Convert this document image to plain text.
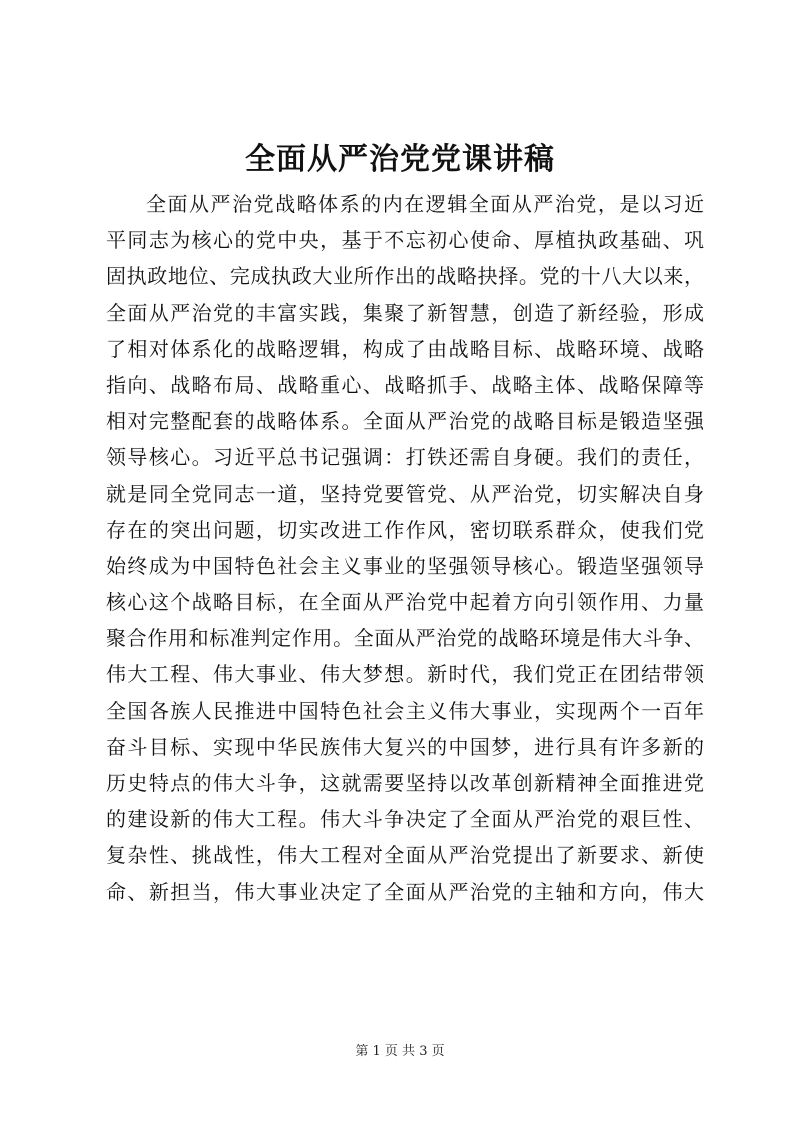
全面从严治党党课讲稿
全面从严治党战略体系的内在逻辑全面从严治党，是以习近
平同志为核心的党中央，基于不忘初心使命、厚植执政基础、巩
固执政地位、完成执政大业所作出的战略抉择。党的十八大以来，
全面从严治党的丰富实践，集聚了新智慧，创造了新经验，形成
了相对体系化的战略逻辑，构成了由战略目标、战略环境、战略
指向、战略布局、战略重心、战略抓手、战略主体、战略保障等
相对完整配套的战略体系。全面从严治党的战略目标是锻造坚强
领导核心。习近平总书记强调：打铁还需自身硬。我们的责任，
就是同全党同志一道，坚持党要管党、从严治党，切实解决自身
存在的突出问题，切实改进工作作风，密切联系群众，使我们党
始终成为中国特色社会主义事业的坚强领导核心。锻造坚强领导
核心这个战略目标，在全面从严治党中起着方向引领作用、力量
聚合作用和标准判定作用。全面从严治党的战略环境是伟大斗争、
伟大工程、伟大事业、伟大梦想。新时代，我们党正在团结带领
全国各族人民推进中国特色社会主义伟大事业，实现两个一百年
奋斗目标、实现中华民族伟大复兴的中国梦，进行具有许多新的
历史特点的伟大斗争，这就需要坚持以改革创新精神全面推进党
的建设新的伟大工程。伟大斗争决定了全面从严治党的艰巨性、
复杂性、挑战性，伟大工程对全面从严治党提出了新要求、新使
命、新担当，伟大事业决定了全面从严治党的主轴和方向，伟大
第 1 页 共 3 页
